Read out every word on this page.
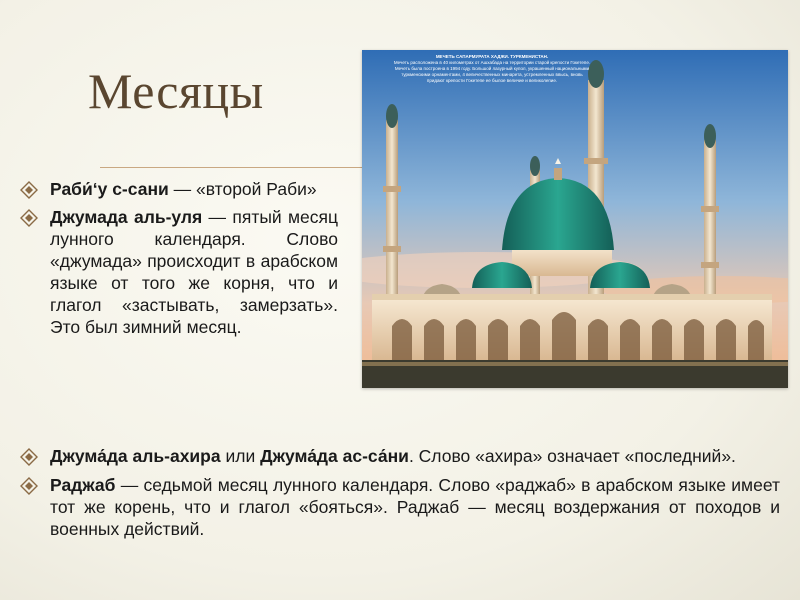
Месяцы
МЕЧЕТЬ САПАРМУРАТА ХАДЖИ. ТУРКМЕНИСТАН.
Мечеть расположена в 40 километрах от Ашхабада на территории старой крепости Гокетепе. Мечеть была построена в 1994 году. Большой лазурный купол, украшенный национальными туркменскими орнаментами, 4 величественных минарета, устремленных ввысь, вновь придают крепости Гокетепе ее былое величие и великолепие.
Раби́‘у с-сани — «второй Раби»
Джумада аль-уля — пятый месяц лунного календаря. Слово «джумада» происходит в арабском языке от того же корня, что и глагол «застывать, замерзать». Это был зимний месяц.
Джума́да аль-ахира или Джума́да ас-са́ни. Слово «ахира» означает «последний».
Раджаб — седьмой месяц лунного календаря. Слово «раджаб» в арабском языке имеет тот же корень, что и глагол «бояться». Раджаб — месяц воздержания от походов и военных действий.
